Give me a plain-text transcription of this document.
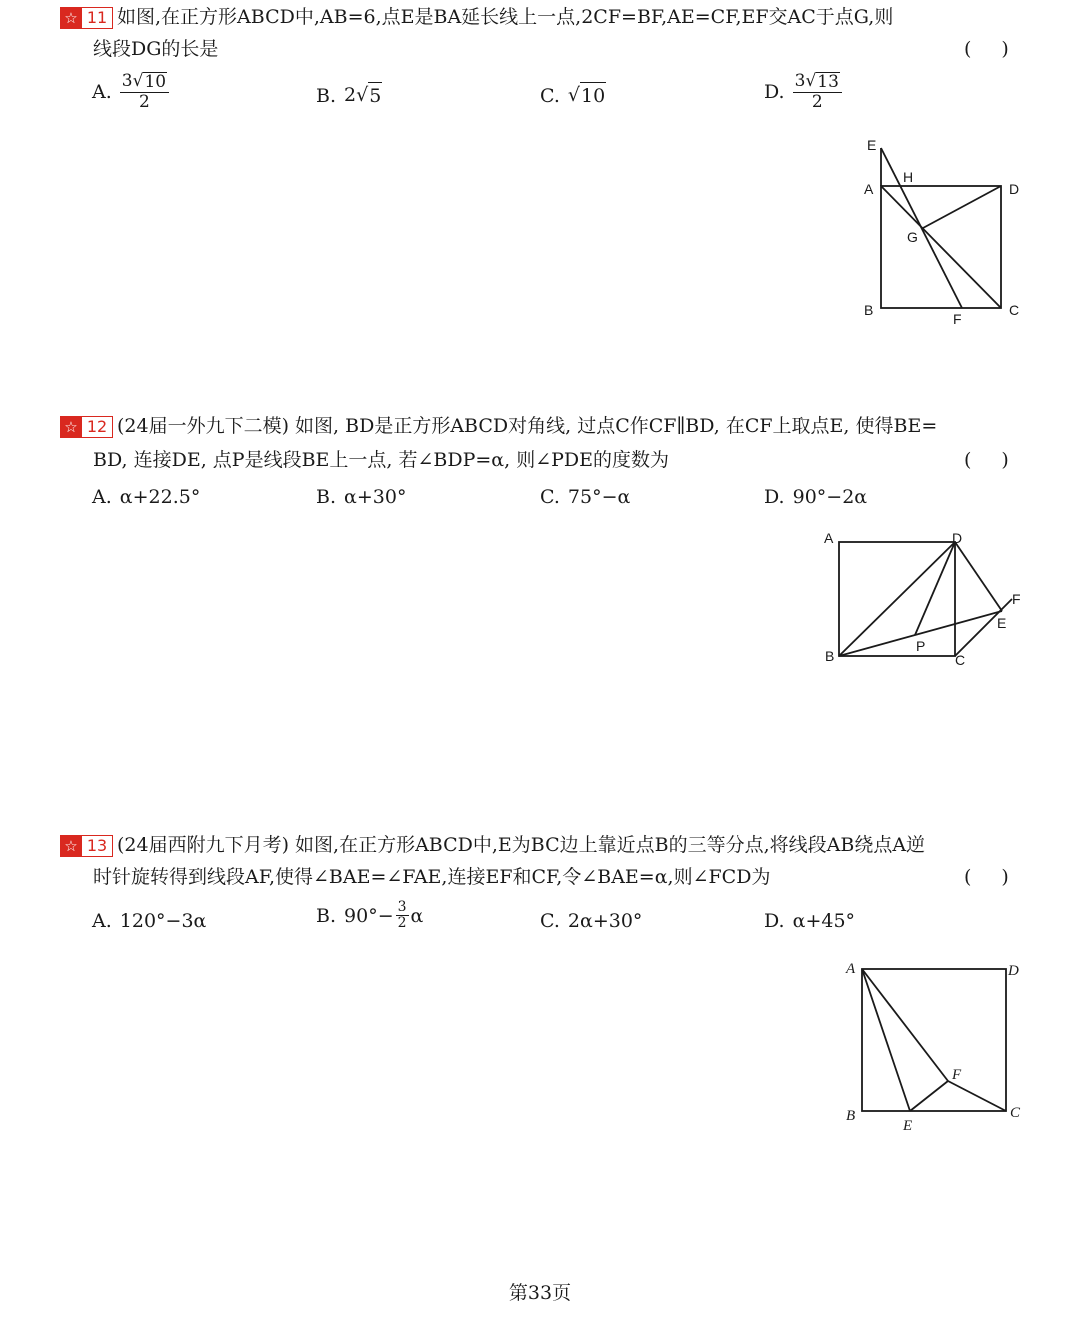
☆ 11 如图,在正方形ABCD中,AB=6,点E是BA延长线上一点,2CF=BF,AE=CF,EF交AC于点G,则
线段DG的长是	()
A. $\frac{3√ 10}{2}$	B. 2√ 5	C. √ 10	D. $\frac{3√ 13}{2}$
E
H
A	D
G
B
F
C
☆ 12 (24届一外九下二模) 如图, BD是正方形ABCD对角线, 过点C作CF∥BD, 在CF上取点E, 使得BE=
BD, 连接DE, 点P是线段BE上一点, 若∠BDP=α, 则∠PDE的度数为	()
A. α+22.5°	B. α+30°	C. 75°−α	D. 90°−2α
A	D
F
E
P
B	C
☆ 13 (24届西附九下月考) 如图,在正方形ABCD中,E为BC边上靠近点B的三等分点,将线段AB绕点A逆
时针旋转得到线段AF,使得∠BAE=∠FAE,连接EF和CF,令∠BAE=α,则∠FCD为	()
A. 120°−3α	B. $90^\circ- \frac{3}{2}$ α	C. 2α+30°	D. α+45°
A	D
F
B
E
C
第33页
